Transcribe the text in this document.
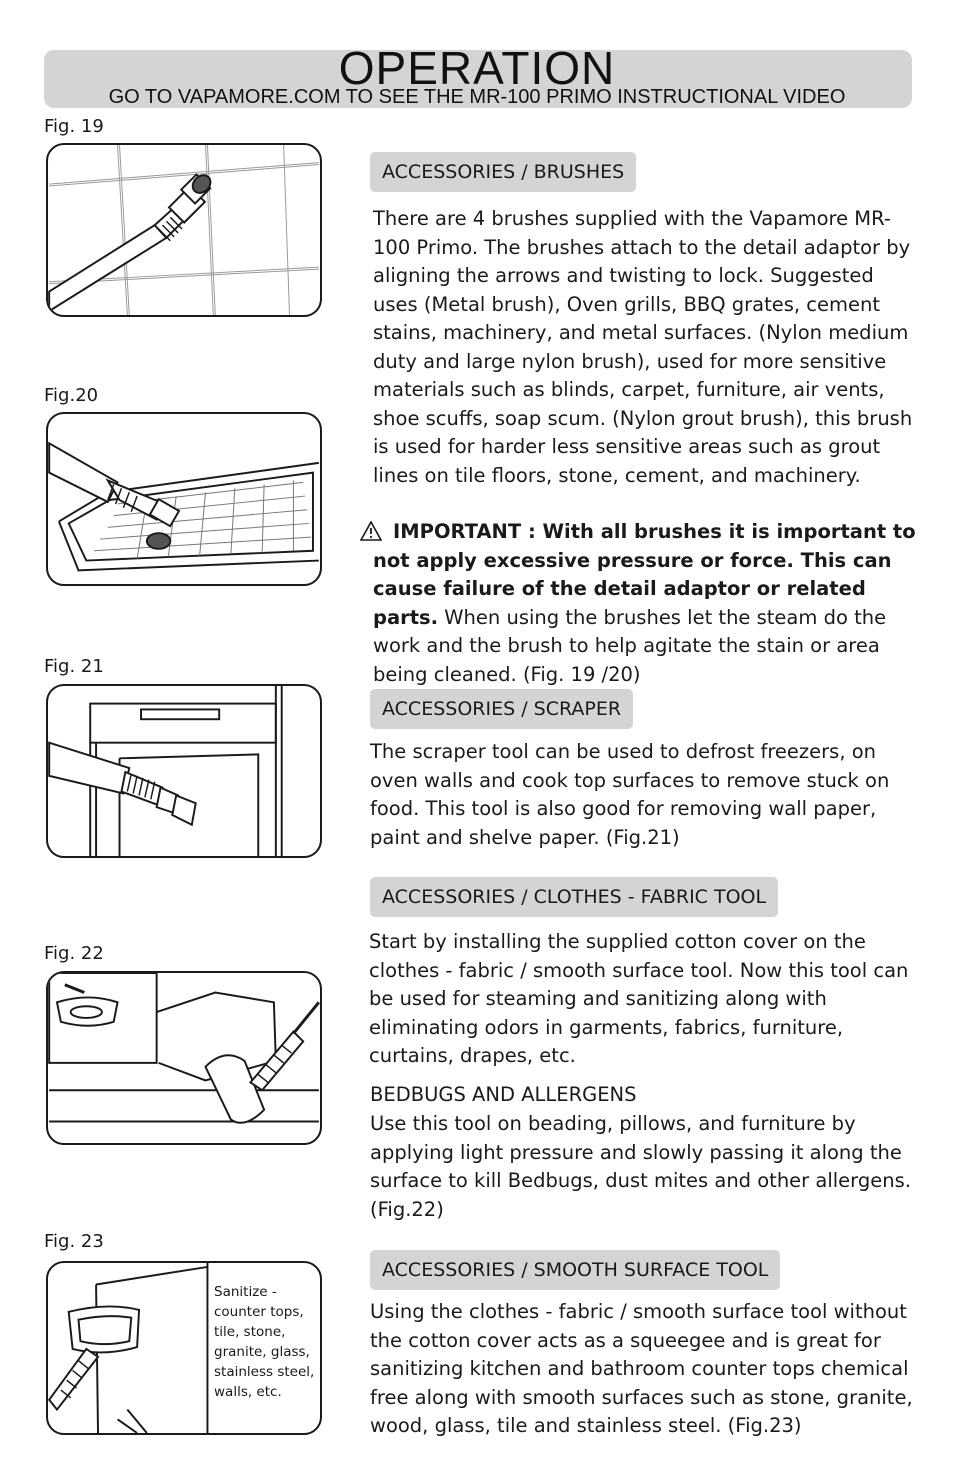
OPERATION
GO TO VAPAMORE.COM TO SEE THE MR-100 PRIMO INSTRUCTIONAL VIDEO
Fig. 19
Fig.20
Fig. 21
Fig. 22
Fig. 23
Sanitize - counter tops, tile, stone, granite, glass, stainless steel, walls, etc.
ACCESSORIES / BRUSHES

There are 4 brushes supplied with the Vapamore MR-100 Primo. The brushes attach to the detail adaptor by aligning the arrows and twisting to lock. Suggested uses (Metal brush), Oven grills, BBQ grates, cement stains, machinery, and metal surfaces. (Nylon medium duty and large nylon brush), used for more sensitive materials such as blinds, carpet, furniture, air vents, shoe scuffs, soap scum. (Nylon grout brush), this brush is used for harder less sensitive areas such as grout lines on tile floors, stone, cement, and machinery.

IMPORTANT : With all brushes it is important to not apply excessive pressure or force. This can cause failure of the detail adaptor or related parts. When using the brushes let the steam do the work and the brush to help agitate the stain or area being cleaned. (Fig. 19 /20)

ACCESSORIES / SCRAPER

The scraper tool can be used to defrost freezers, on oven walls and cook top surfaces to remove stuck on food. This tool is also good for removing wall paper, paint and shelve paper. (Fig.21)

ACCESSORIES / CLOTHES - FABRIC TOOL

Start by installing the supplied cotton cover on the clothes - fabric / smooth surface tool. Now this tool can be used for steaming and sanitizing along with eliminating odors in garments, fabrics, furniture, curtains, drapes, etc.

BEDBUGS AND ALLERGENS

Use this tool on beading, pillows, and furniture by applying light pressure and slowly passing it along the surface to kill Bedbugs, dust mites and other allergens. (Fig.22)

ACCESSORIES / SMOOTH SURFACE TOOL

Using the clothes - fabric / smooth surface tool without the cotton cover acts as a squeegee and is great for sanitizing kitchen and bathroom counter tops chemical free along with smooth surfaces such as stone, granite, wood, glass, tile and stainless steel. (Fig.23)
